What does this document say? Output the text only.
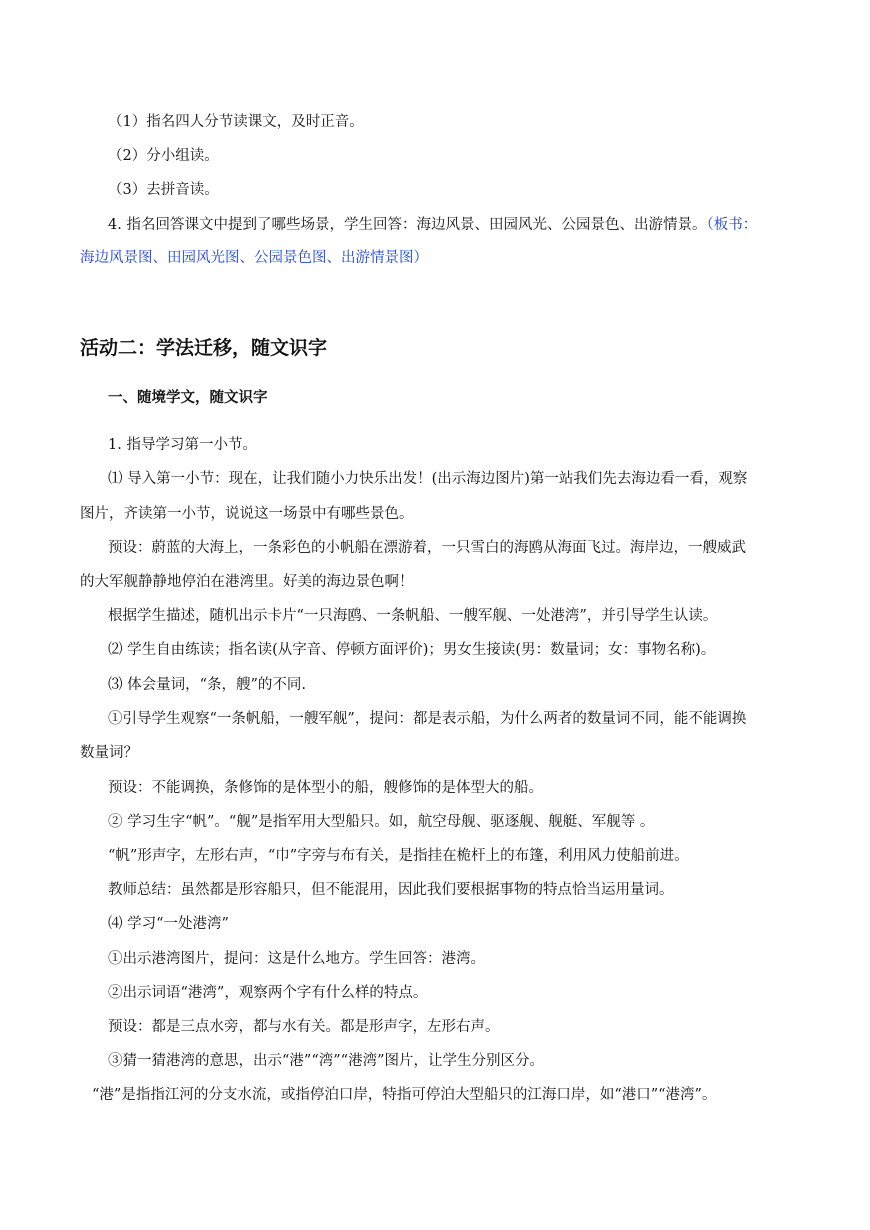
（1）指名四人分节读课文，及时正音。
（2）分小组读。
（3）去拼音读。
4. 指名回答课文中提到了哪些场景，学生回答：海边风景、田园风光、公园景色、出游情景。（板书：
海边风景图、田园风光图、公园景色图、出游情景图）
活动二：学法迁移，随文识字
一、随境学文，随文识字
1. 指导学习第一小节。
⑴ 导入第一小节：现在，让我们随小力快乐出发！(出示海边图片)第一站我们先去海边看一看，观察
图片，齐读第一小节，说说这一场景中有哪些景色。
预设：蔚蓝的大海上，一条彩色的小帆船在漂游着，一只雪白的海鸥从海面飞过。海岸边，一艘威武
的大军舰静静地停泊在港湾里。好美的海边景色啊！
根据学生描述，随机出示卡片“一只海鸥、一条帆船、一艘军舰、一处港湾”，并引导学生认读。
⑵ 学生自由练读；指名读(从字音、停顿方面评价)；男女生接读(男：数量词；女：事物名称)。
⑶ 体会量词，“条，艘”的不同.
①引导学生观察“一条帆船，一艘军舰”，提问：都是表示船，为什么两者的数量词不同，能不能调换
数量词？
预设：不能调换，条修饰的是体型小的船，艘修饰的是体型大的船。
② 学习生字“帆”。“舰”是指军用大型船只。如，航空母舰、驱逐舰、舰艇、军舰等 。
“帆”形声字，左形右声，“巾”字旁与布有关，是指挂在桅杆上的布篷，利用风力使船前进。
教师总结：虽然都是形容船只，但不能混用，因此我们要根据事物的特点恰当运用量词。
⑷ 学习“一处港湾”
①出示港湾图片，提问：这是什么地方。学生回答：港湾。
②出示词语“港湾”，观察两个字有什么样的特点。
预设：都是三点水旁，都与水有关。都是形声字，左形右声。
③猜一猜港湾的意思，出示“港”“湾”“港湾”图片，让学生分别区分。
“港”是指指江河的分支水流，或指停泊口岸，特指可停泊大型船只的江海口岸，如“港口”“港湾”。
